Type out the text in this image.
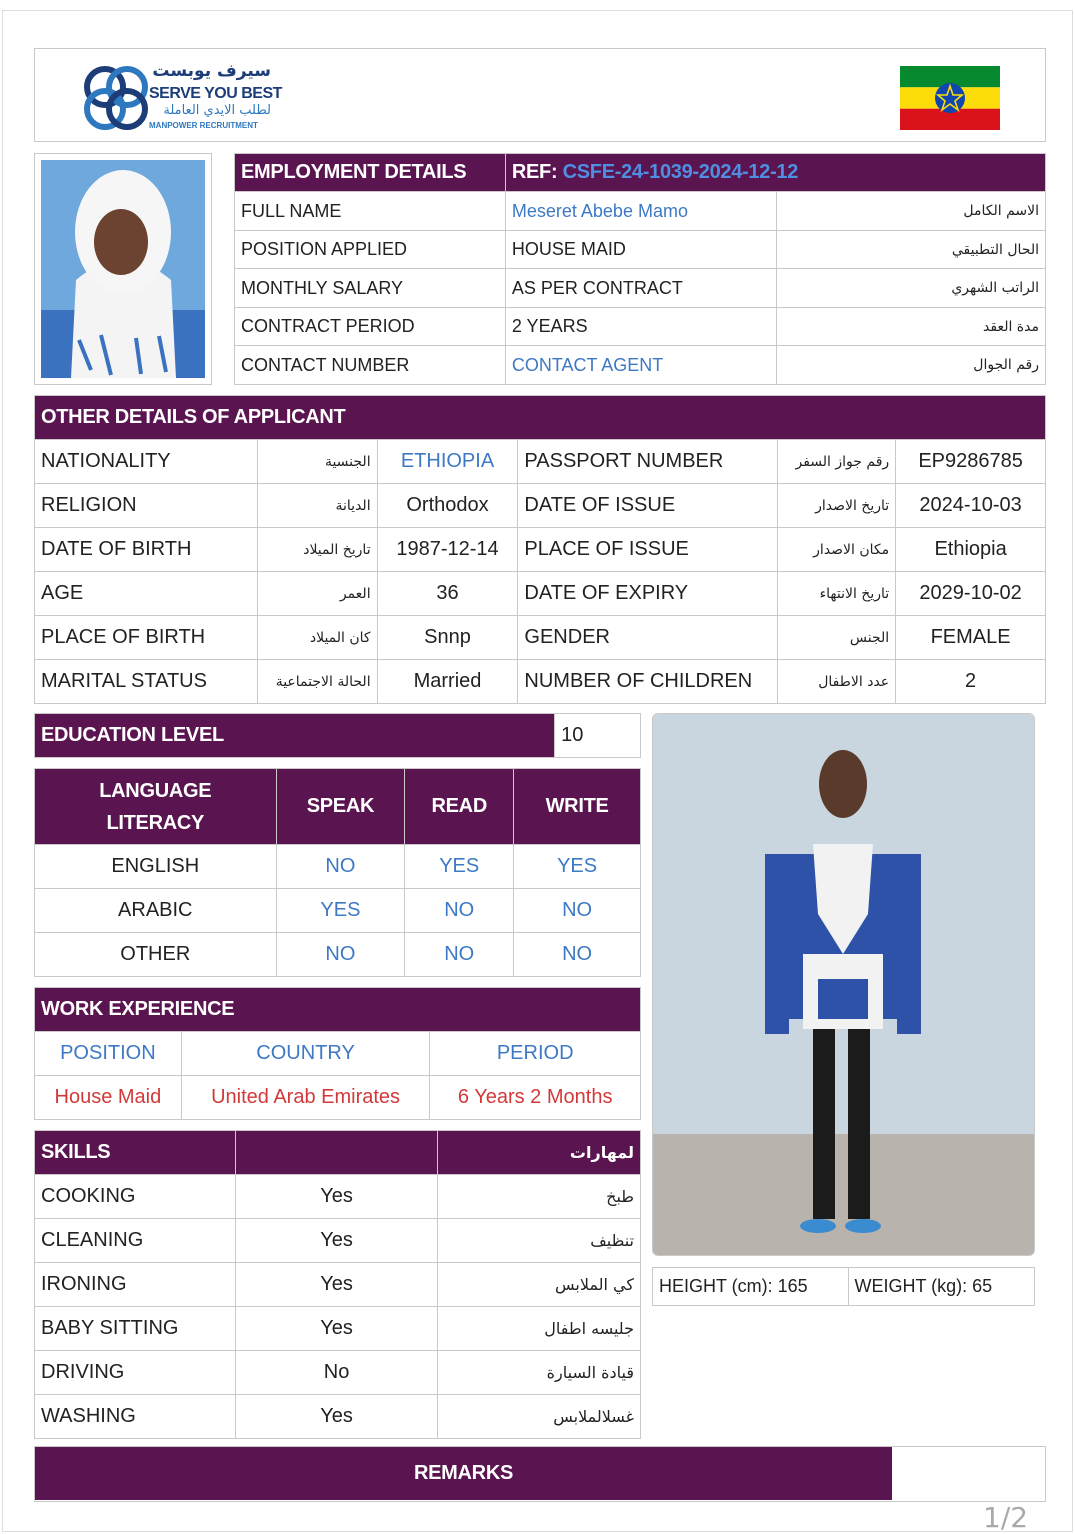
سيرف يوبست
SERVE YOU BEST
لطلب الايدي العاملة
MANPOWER RECRUITMENT
EMPLOYMENT DETAILS	REF: CSFE-24-1039-2024-12-12	
FULL NAME	Meseret Abebe Mamo	الاسم الكامل
POSITION APPLIED	HOUSE MAID	الحال التطبيقي
MONTHLY SALARY	AS PER CONTRACT	الراتب الشهري
CONTRACT PERIOD	2 YEARS	مدة العقد
CONTACT NUMBER	CONTACT AGENT	رقم الجوال
OTHER DETAILS OF APPLICANT					
NATIONALITY	الجنسية	ETHIOPIA	PASSPORT NUMBER	رقم جواز السفر	EP9286785
RELIGION	الديانة	Orthodox	DATE OF ISSUE	تاريخ الاصدار	2024-10-03
DATE OF BIRTH	تاريخ الميلاد	1987-12-14	PLACE OF ISSUE	مكان الاصدار	Ethiopia
AGE	العمر	36	DATE OF EXPIRY	تاريخ الانتهاء	2029-10-02
PLACE OF BIRTH	كان الميلاد	Snnp	GENDER	الجنس	FEMALE
MARITAL STATUS	الحالة الاجتماعية	Married	NUMBER OF CHILDREN	عدد الاطفال	2
EDUCATION LEVEL	10
LANGUAGE
LITERACY	SPEAK	READ	WRITE
ENGLISH	NO	YES	YES
ARABIC	YES	NO	NO
OTHER	NO	NO	NO
WORK EXPERIENCE		
POSITION	COUNTRY	PERIOD
House Maid	United Arab Emirates	6 Years 2 Months
SKILLS		لمهارات
COOKING	Yes	طبخ
CLEANING	Yes	تنظيف
IRONING	Yes	كي الملابس
BABY SITTING	Yes	جليسه اطفال
DRIVING	No	قيادة السيارة
WASHING	Yes	غسلالملابس
HEIGHT (cm): 165	WEIGHT (kg): 65
REMARKS
1/2
